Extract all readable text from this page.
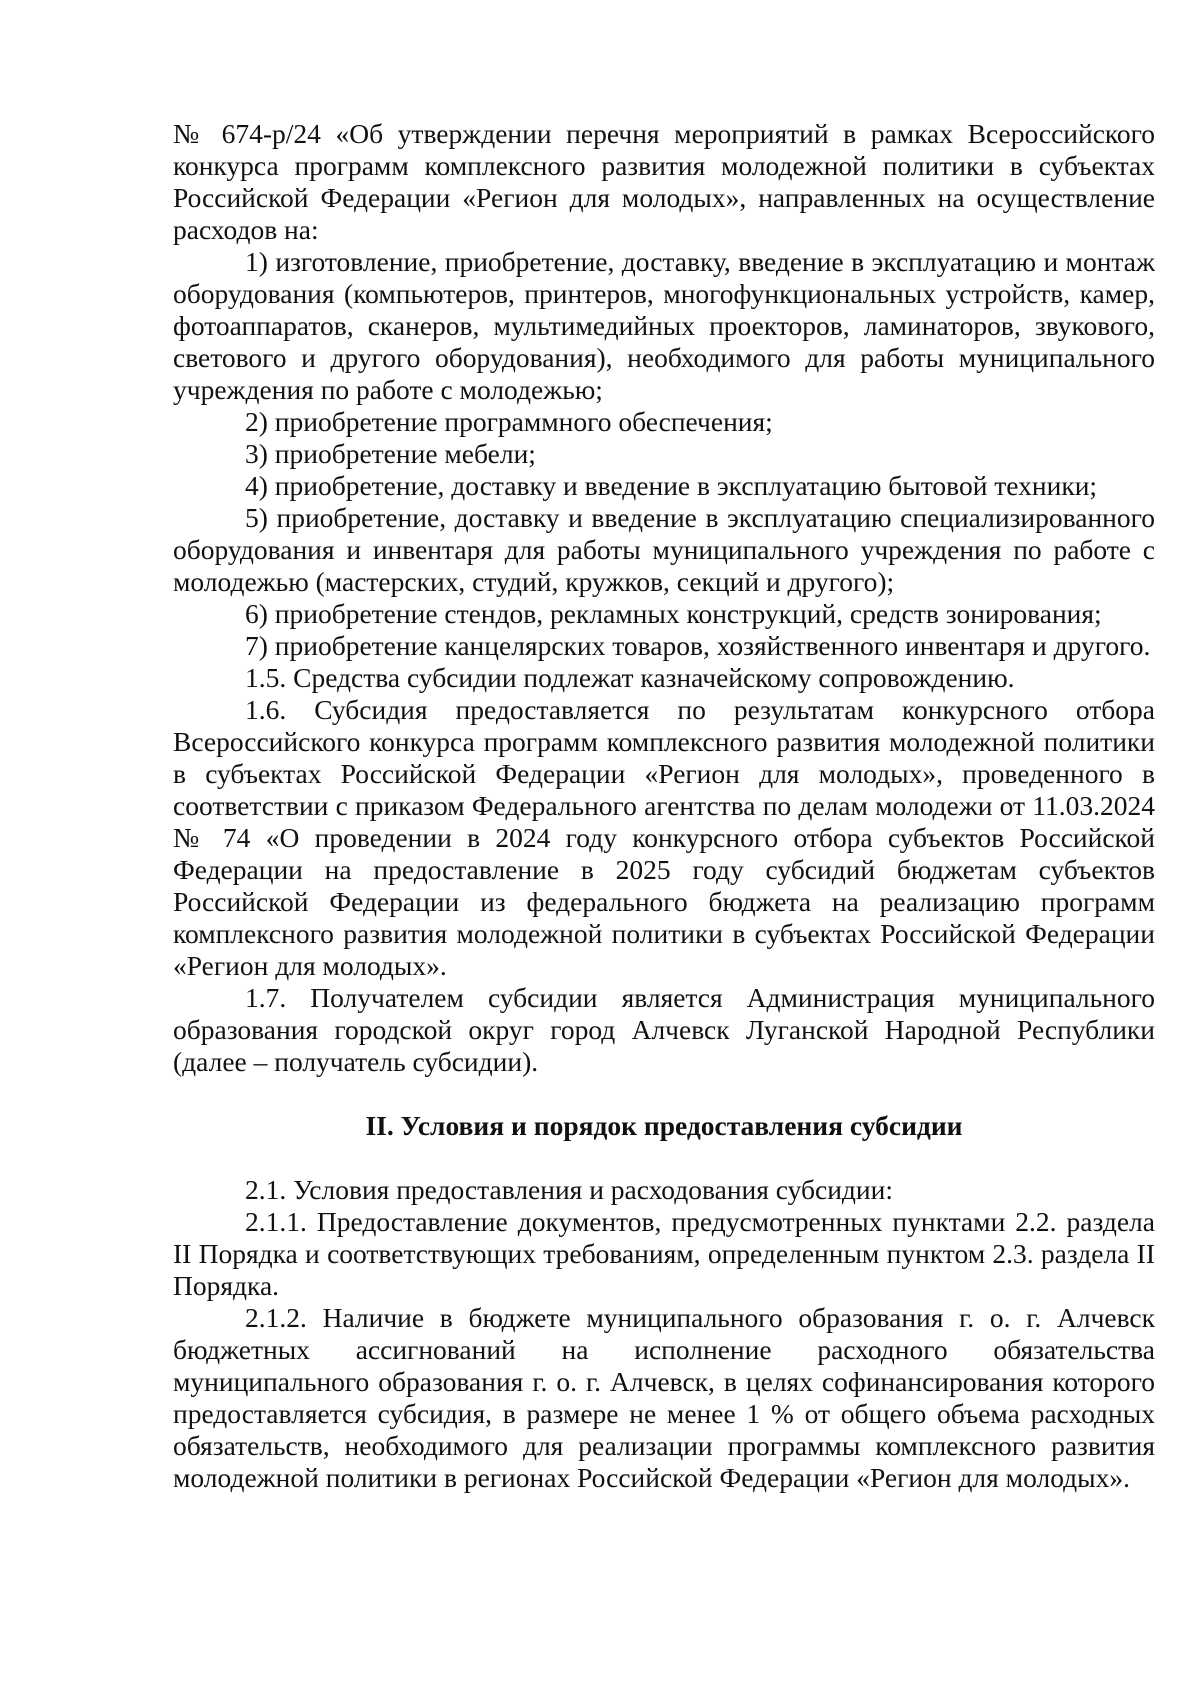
№ 674-р/24 «Об утверждении перечня мероприятий в рамках Всероссийского конкурса программ комплексного развития молодежной политики в субъектах Российской Федерации «Регион для молодых», направленных на осуществление расходов на:

1) изготовление, приобретение, доставку, введение в эксплуатацию и монтаж оборудования (компьютеров, принтеров, многофункциональных устройств, камер, фотоаппаратов, сканеров, мультимедийных проекторов, ламинаторов, звукового, светового и другого оборудования), необходимого для работы муниципального учреждения по работе с молодежью;

2) приобретение программного обеспечения;

3) приобретение мебели;

4) приобретение, доставку и введение в эксплуатацию бытовой техники;

5) приобретение, доставку и введение в эксплуатацию специализированного оборудования и инвентаря для работы муниципального учреждения по работе с молодежью (мастерских, студий, кружков, секций и другого);

6) приобретение стендов, рекламных конструкций, средств зонирования;

7) приобретение канцелярских товаров, хозяйственного инвентаря и другого.

1.5. Средства субсидии подлежат казначейскому сопровождению.

1.6. Субсидия предоставляется по результатам конкурсного отбора Всероссийского конкурса программ комплексного развития молодежной политики в субъектах Российской Федерации «Регион для молодых», проведенного в соответствии с приказом Федерального агентства по делам молодежи от 11.03.2024 № 74 «О проведении в 2024 году конкурсного отбора субъектов Российской Федерации на предоставление в 2025 году субсидий бюджетам субъектов Российской Федерации из федерального бюджета на реализацию программ комплексного развития молодежной политики в субъектах Российской Федерации «Регион для молодых».

1.7. Получателем субсидии является Администрация муниципального образования городской округ город Алчевск Луганской Народной Республики (далее – получатель субсидии).

II. Условия и порядок предоставления субсидии

2.1. Условия предоставления и расходования субсидии:

2.1.1. Предоставление документов, предусмотренных пунктами 2.2. раздела II Порядка и соответствующих требованиям, определенным пунктом 2.3. раздела II Порядка.

2.1.2. Наличие в бюджете муниципального образования г. о. г. Алчевск бюджетных ассигнований на исполнение расходного обязательства муниципального образования г. о. г. Алчевск, в целях софинансирования которого предоставляется субсидия, в размере не менее 1 % от общего объема расходных обязательств, необходимого для реализации программы комплексного развития молодежной политики в регионах Российской Федерации «Регион для молодых».
